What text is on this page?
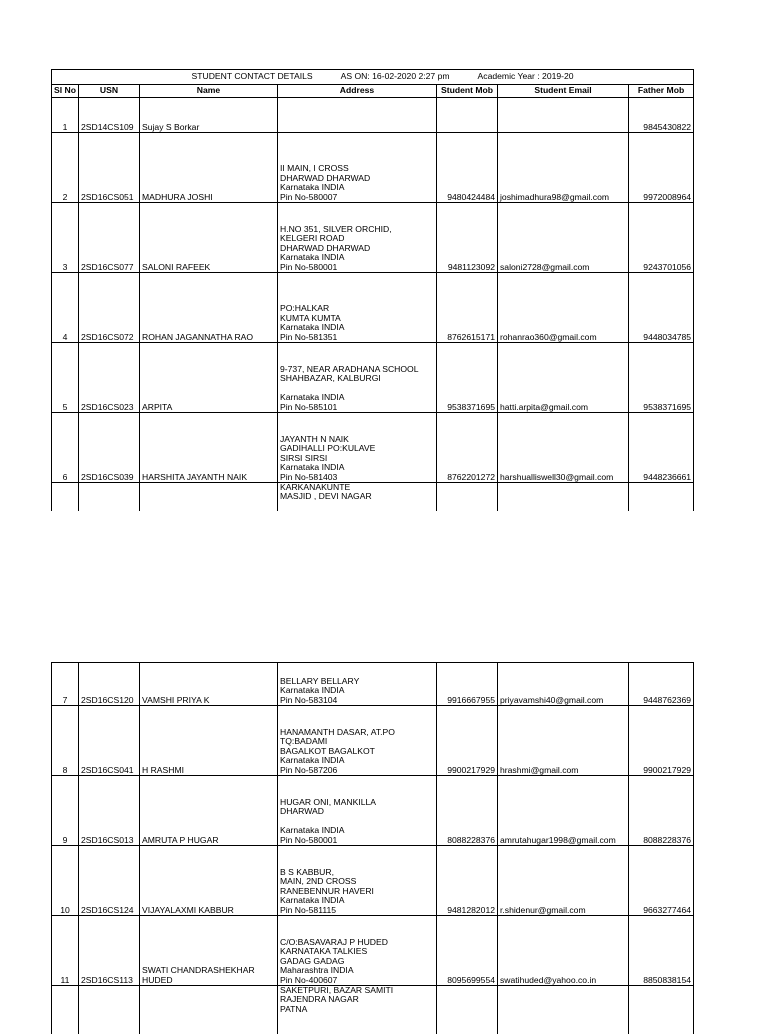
STUDENT CONTACT DETAILS AS ON: 16-02-2020 2:27 pm Academic Year : 2019-20						

Sl No	USN	Name	Address	Student Mob	Student Email	Father Mob
1	2SD14CS109	Sujay S Borkar				9845430822
2	2SD16CS051	MADHURA JOSHI	II MAIN, I CROSS
DHARWAD DHARWAD
Karnataka INDIA
Pin No-580007	9480424484	joshimadhura98@gmail.com	9972008964
3	2SD16CS077	SALONI RAFEEK	H.NO 351, SILVER ORCHID,
KELGERI ROAD
DHARWAD DHARWAD
Karnataka INDIA
Pin No-580001	9481123092	saloni2728@gmail.com	9243701056
4	2SD16CS072	ROHAN JAGANNATHA RAO	PO:HALKAR
KUMTA KUMTA
Karnataka INDIA
Pin No-581351	8762615171	rohanrao360@gmail.com	9448034785
5	2SD16CS023	ARPITA	9-737, NEAR ARADHANA SCHOOL
SHAHBAZAR, KALBURGI

Karnataka INDIA
Pin No-585101	9538371695	hatti.arpita@gmail.com	9538371695
6	2SD16CS039	HARSHITA JAYANTH NAIK	JAYANTH N NAIK
GADIHALLI PO:KULAVE
SIRSI SIRSI
Karnataka INDIA
Pin No-581403	8762201272	harshualliswell30@gmail.com	9448236661

			KARKANAKUNTE
MASJID , DEVI NAGAR			

7	2SD16CS120	VAMSHI PRIYA K	BELLARY BELLARY
Karnataka INDIA
Pin No-583104	9916667955	priyavamshi40@gmail.com	9448762369
8	2SD16CS041	H RASHMI	HANAMANTH DASAR, AT.PO
TQ:BADAMI
BAGALKOT BAGALKOT
Karnataka INDIA
Pin No-587206	9900217929	hrashmi@gmail.com	9900217929
9	2SD16CS013	AMRUTA P HUGAR	HUGAR ONI, MANKILLA
DHARWAD

Karnataka INDIA
Pin No-580001	8088228376	amrutahugar1998@gmail.com	8088228376
10	2SD16CS124	VIJAYALAXMI KABBUR	B S KABBUR,
MAIN, 2ND CROSS
RANEBENNUR HAVERI
Karnataka INDIA
Pin No-581115	9481282012	r.shidenur@gmail.com	9663277464
11	2SD16CS113	SWATI CHANDRASHEKHAR HUDED	C/O:BASAVARAJ P HUDED
KARNATAKA TALKIES
GADAG GADAG
Maharashtra INDIA
Pin No-400607	8095699554	swatihuded@yahoo.co.in	8850838154

			SAKETPURI, BAZAR SAMITI
RAJENDRA NAGAR
PATNA			
